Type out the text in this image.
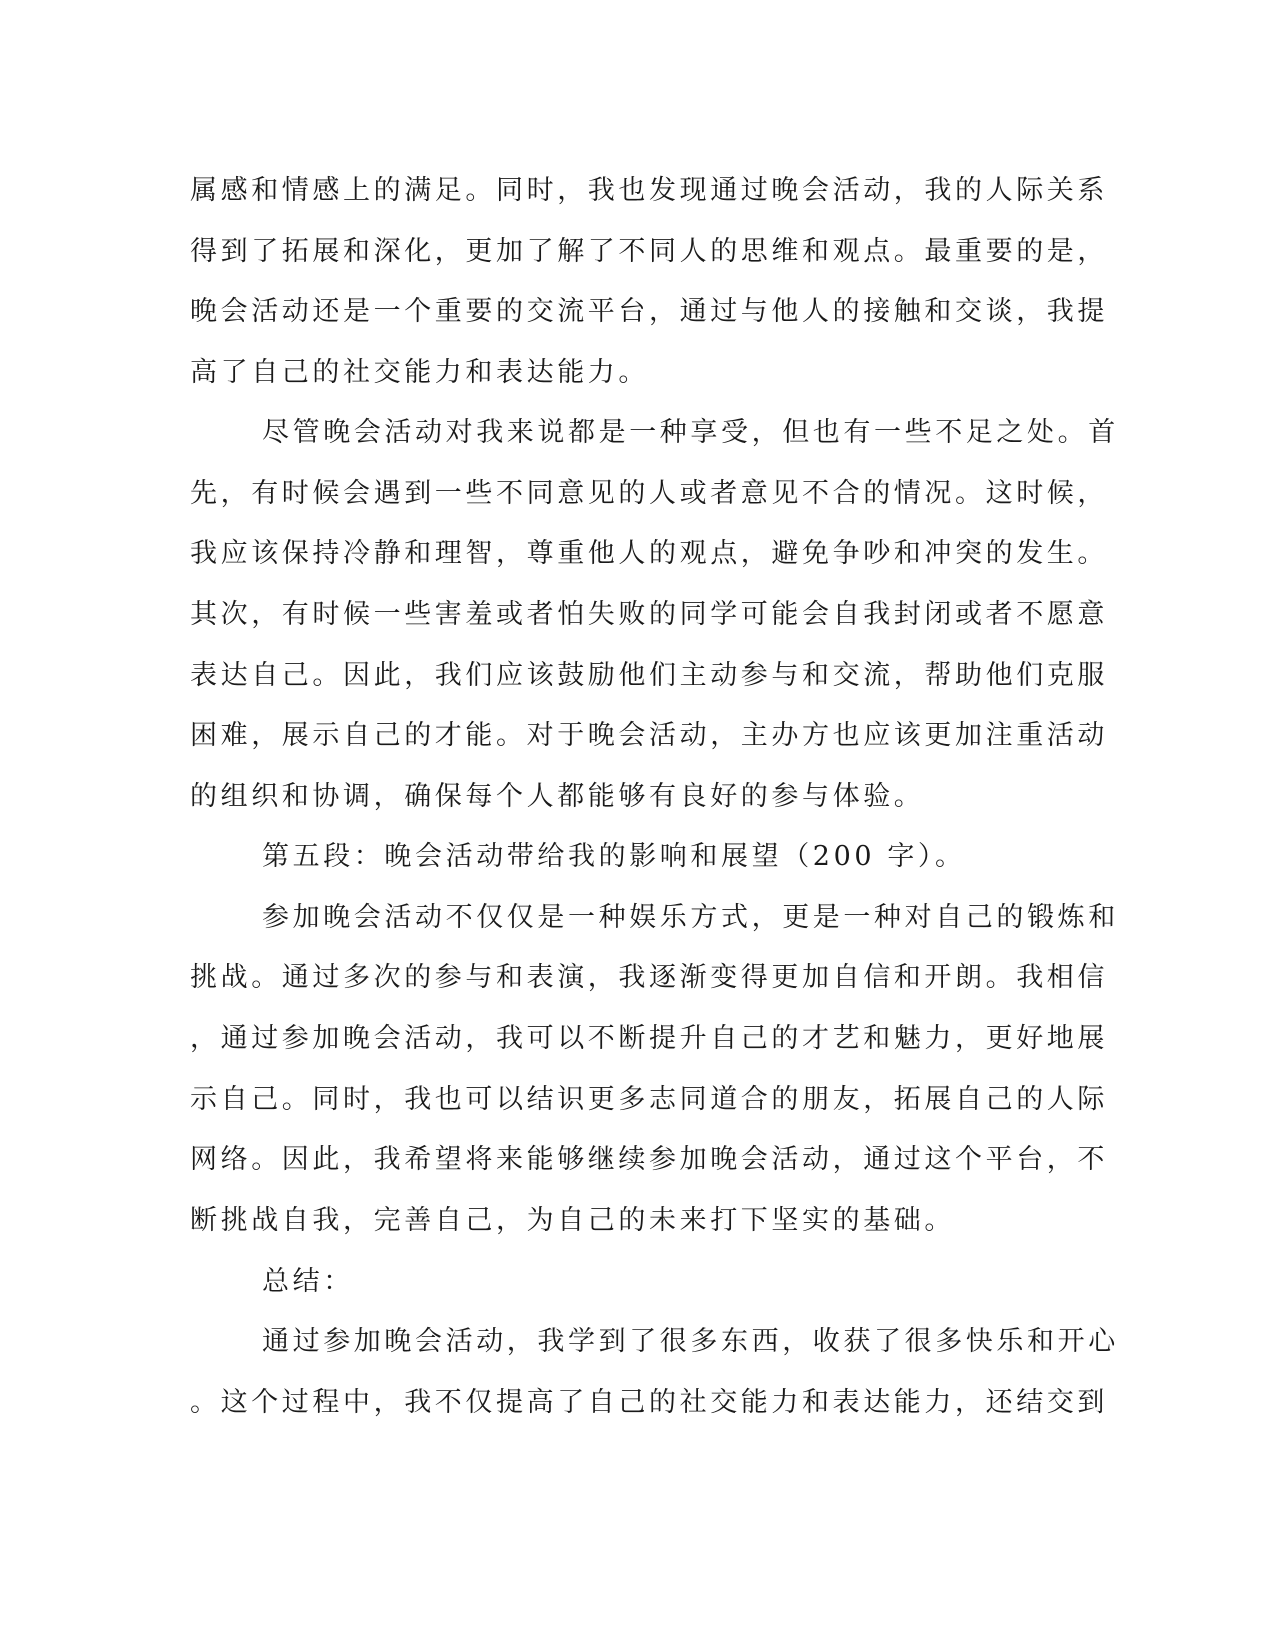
属感和情感上的满足。同时，我也发现通过晚会活动，我的人际关系
得到了拓展和深化，更加了解了不同人的思维和观点。最重要的是，
晚会活动还是一个重要的交流平台，通过与他人的接触和交谈，我提
高了自己的社交能力和表达能力。
尽管晚会活动对我来说都是一种享受，但也有一些不足之处。首
先，有时候会遇到一些不同意见的人或者意见不合的情况。这时候，
我应该保持冷静和理智，尊重他人的观点，避免争吵和冲突的发生。
其次，有时候一些害羞或者怕失败的同学可能会自我封闭或者不愿意
表达自己。因此，我们应该鼓励他们主动参与和交流，帮助他们克服
困难，展示自己的才能。对于晚会活动，主办方也应该更加注重活动
的组织和协调，确保每个人都能够有良好的参与体验。
第五段：晚会活动带给我的影响和展望（200 字）。
参加晚会活动不仅仅是一种娱乐方式，更是一种对自己的锻炼和
挑战。通过多次的参与和表演，我逐渐变得更加自信和开朗。我相信
，通过参加晚会活动，我可以不断提升自己的才艺和魅力，更好地展
示自己。同时，我也可以结识更多志同道合的朋友，拓展自己的人际
网络。因此，我希望将来能够继续参加晚会活动，通过这个平台，不
断挑战自我，完善自己，为自己的未来打下坚实的基础。
总结：
通过参加晚会活动，我学到了很多东西，收获了很多快乐和开心
。这个过程中，我不仅提高了自己的社交能力和表达能力，还结交到
